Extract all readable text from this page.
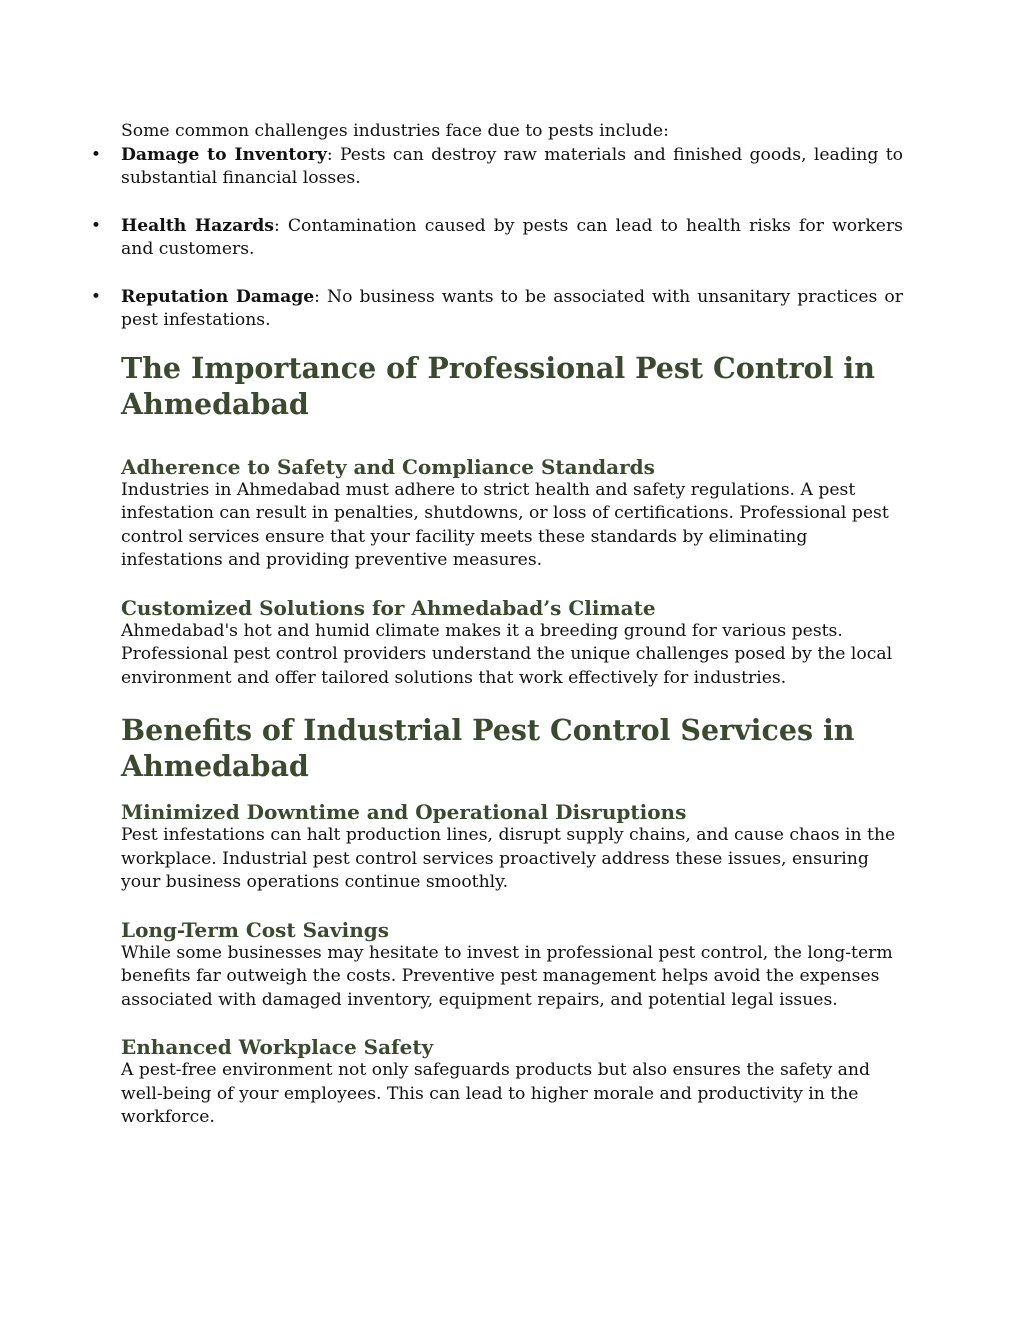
Some common challenges industries face due to pests include:

• Damage to Inventory: Pests can destroy raw materials and finished goods, leading to substantial financial losses.
• Health Hazards: Contamination caused by pests can lead to health risks for workers and customers.
• Reputation Damage: No business wants to be associated with unsanitary practices or pest infestations.
The Importance of Professional Pest Control in Ahmedabad
Adherence to Safety and Compliance Standards

Industries in Ahmedabad must adhere to strict health and safety regulations. A pest infestation can result in penalties, shutdowns, or loss of certifications. Professional pest control services ensure that your facility meets these standards by eliminating infestations and providing preventive measures.

Customized Solutions for Ahmedabad’s Climate

Ahmedabad's hot and humid climate makes it a breeding ground for various pests. Professional pest control providers understand the unique challenges posed by the local environment and offer tailored solutions that work effectively for industries.

Benefits of Industrial Pest Control Services in Ahmedabad
Minimized Downtime and Operational Disruptions

Pest infestations can halt production lines, disrupt supply chains, and cause chaos in the workplace. Industrial pest control services proactively address these issues, ensuring your business operations continue smoothly.

Long-Term Cost Savings

While some businesses may hesitate to invest in professional pest control, the long-term benefits far outweigh the costs. Preventive pest management helps avoid the expenses associated with damaged inventory, equipment repairs, and potential legal issues.

Enhanced Workplace Safety

A pest-free environment not only safeguards products but also ensures the safety and well-being of your employees. This can lead to higher morale and productivity in the workforce.
